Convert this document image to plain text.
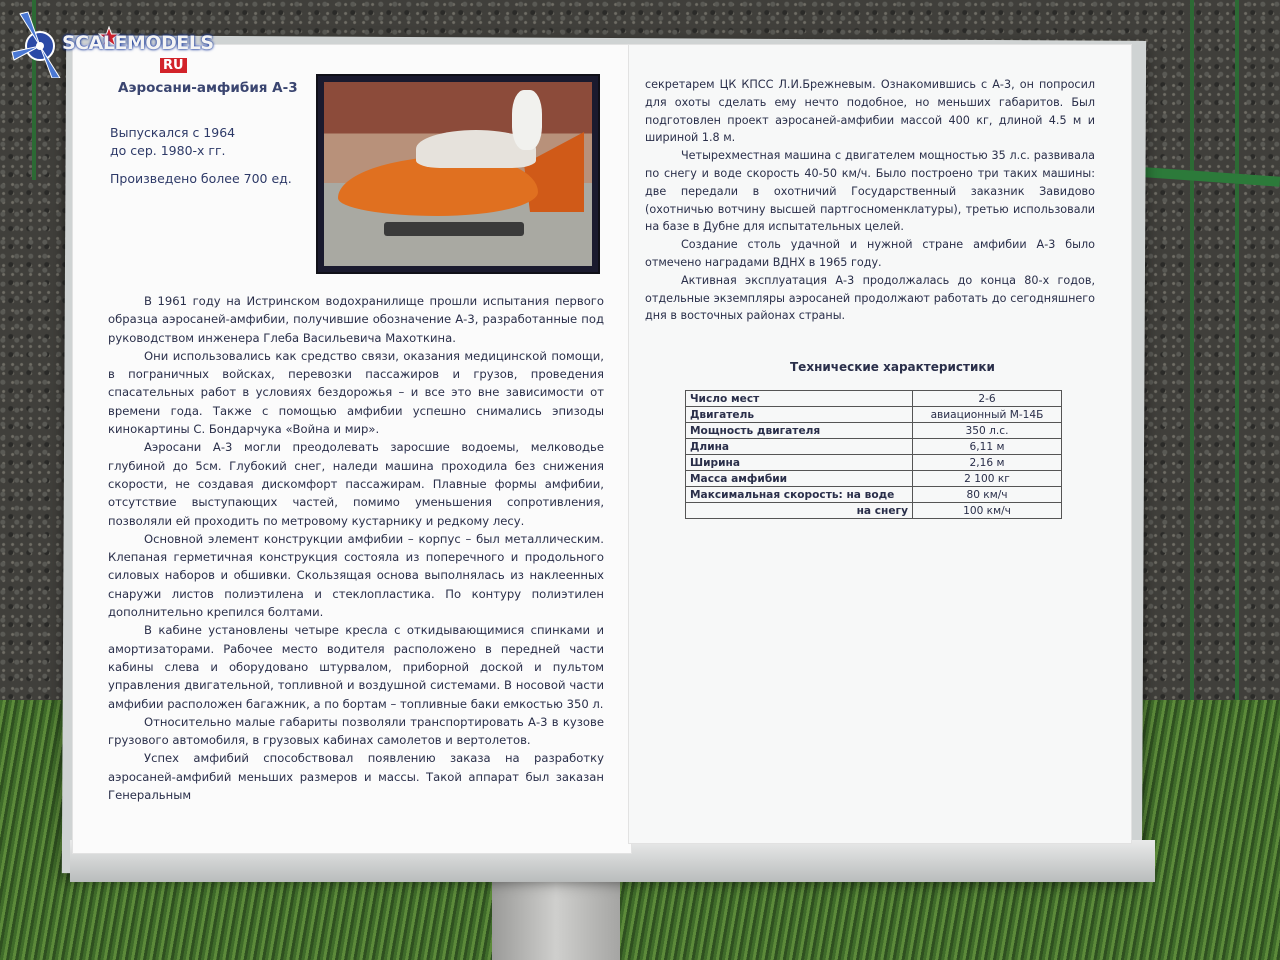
Аэросани-амфибия А-3
Выпускался с 1964
до сер. 1980-х гг.
Произведено более 700 ед.

В 1961 году на Истринском водохранилище прошли испытания первого образца аэросаней-амфибии, получившие обозначение А-3, разработанные под руководством инженера Глеба Васильевича Махоткина.

Они использовались как средство связи, оказания медицинской помощи, в пограничных войсках, перевозки пассажиров и грузов, проведения спасательных работ в условиях бездорожья – и все это вне зависимости от времени года. Также с помощью амфибии успешно снимались эпизоды кинокартины С. Бондарчука «Война и мир».

Аэросани А-3 могли преодолевать заросшие водоемы, мелководье глубиной до 5см. Глубокий снег, наледи машина проходила без снижения скорости, не создавая дискомфорт пассажирам. Плавные формы амфибии, отсутствие выступающих частей, помимо уменьшения сопротивления, позволяли ей проходить по метровому кустарнику и редкому лесу.

Основной элемент конструкции амфибии – корпус – был металлическим. Клепаная герметичная конструкция состояла из поперечного и продольного силовых наборов и обшивки. Скользящая основа выполнялась из наклеенных снаружи листов полиэтилена и стеклопластика. По контуру полиэтилен дополнительно крепился болтами.

В кабине установлены четыре кресла с откидывающимися спинками и амортизаторами. Рабочее место водителя расположено в передней части кабины слева и оборудовано штурвалом, приборной доской и пультом управления двигательной, топливной и воздушной системами. В носовой части амфибии расположен багажник, а по бортам – топливные баки емкостью 350 л.

Относительно малые габариты позволяли транспортировать А-3 в кузове грузового автомобиля, в грузовых кабинах самолетов и вертолетов.

Успех амфибий способствовал появлению заказа на разработку аэросаней-амфибий меньших размеров и массы. Такой аппарат был заказан Генеральным

секретарем ЦК КПСС Л.И.Брежневым. Ознакомившись с А-3, он попросил для охоты сделать ему нечто подобное, но меньших габаритов. Был подготовлен проект аэросаней-амфибии массой 400 кг, длиной 4.5 м и шириной 1.8 м.

Четырехместная машина с двигателем мощностью 35 л.с. развивала по снегу и воде скорость 40-50 км/ч. Было построено три таких машины: две передали в охотничий Государственный заказник Завидово (охотничью вотчину высшей партгосноменклатуры), третью использовали на базе в Дубне для испытательных целей.

Создание столь удачной и нужной стране амфибии А-3 было отмечено наградами ВДНХ в 1965 году.

Активная эксплуатация А-3 продолжалась до конца 80-х годов, отдельные экземпляры аэросаней продолжают работать до сегодняшнего дня в восточных районах страны.

Технические характеристики
Число мест	2-6
Двигатель	авиационный М-14Б
Мощность двигателя	350 л.с.
Длина	6,11 м
Ширина	2,16 м
Масса амфибии	2 100 кг
Максимальная скорость: на воде	80 км/ч
на снегу	100 км/ч
SCALEMODELS
RU
